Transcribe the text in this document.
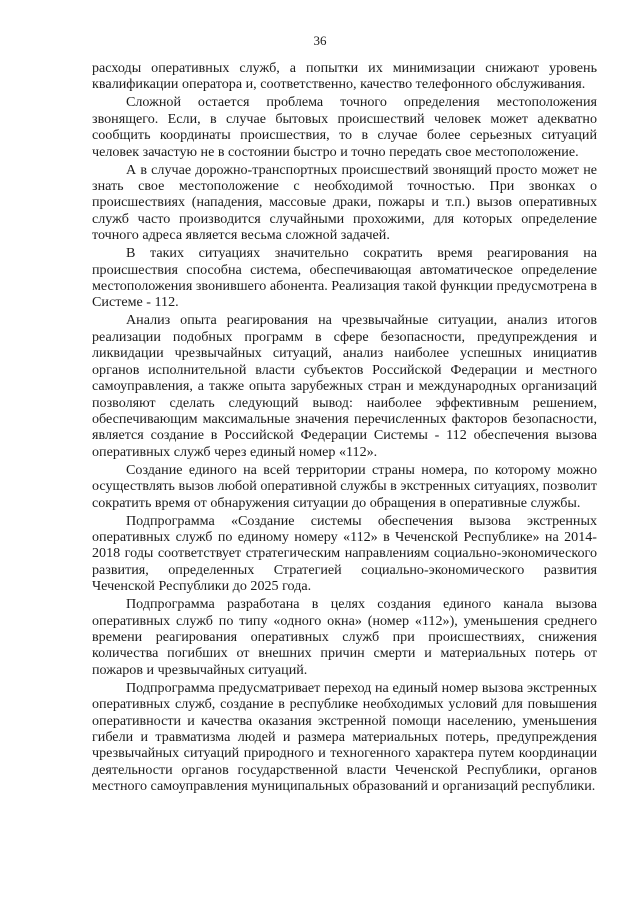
36

расходы оперативных служб, а попытки их минимизации снижают уровень квалификации оператора и, соответственно, качество телефонного обслуживания.

Сложной остается проблема точного определения местоположения звонящего. Если, в случае бытовых происшествий человек может адекватно сообщить координаты происшествия, то в случае более серьезных ситуаций человек зачастую не в состоянии быстро и точно передать свое местоположение.

А в случае дорожно-транспортных происшествий звонящий просто может не знать свое местоположение с необходимой точностью. При звонках о происшествиях (нападения, массовые драки, пожары и т.п.) вызов оперативных служб часто производится случайными прохожими, для которых определение точного адреса является весьма сложной задачей.

В таких ситуациях значительно сократить время реагирования на происшествия способна система, обеспечивающая автоматическое определение местоположения звонившего абонента. Реализация такой функции предусмотрена в Системе - 112.

Анализ опыта реагирования на чрезвычайные ситуации, анализ итогов реализации подобных программ в сфере безопасности, предупреждения и ликвидации чрезвычайных ситуаций, анализ наиболее успешных инициатив органов исполнительной власти субъектов Российской Федерации и местного самоуправления, а также опыта зарубежных стран и международных организаций позволяют сделать следующий вывод: наиболее эффективным решением, обеспечивающим максимальные значения перечисленных факторов безопасности, является создание в Российской Федерации Системы - 112 обеспечения вызова оперативных служб через единый номер «112».

Создание единого на всей территории страны номера, по которому можно осуществлять вызов любой оперативной службы в экстренных ситуациях, позволит сократить время от обнаружения ситуации до обращения в оперативные службы.

Подпрограмма «Создание системы обеспечения вызова экстренных оперативных служб по единому номеру «112» в Чеченской Республике» на 2014-2018 годы соответствует стратегическим направлениям социально-экономического развития, определенных Стратегией социально-экономического развития Чеченской Республики до 2025 года.

Подпрограмма разработана в целях создания единого канала вызова оперативных служб по типу «одного окна» (номер «112»), уменьшения среднего времени реагирования оперативных служб при происшествиях, снижения количества погибших от внешних причин смерти и материальных потерь от пожаров и чрезвычайных ситуаций.

Подпрограмма предусматривает переход на единый номер вызова экстренных оперативных служб, создание в республике необходимых условий для повышения оперативности и качества оказания экстренной помощи населению, уменьшения гибели и травматизма людей и размера материальных потерь, предупреждения чрезвычайных ситуаций природного и техногенного характера путем координации деятельности органов государственной власти Чеченской Республики, органов местного самоуправления муниципальных образований и организаций республики.
